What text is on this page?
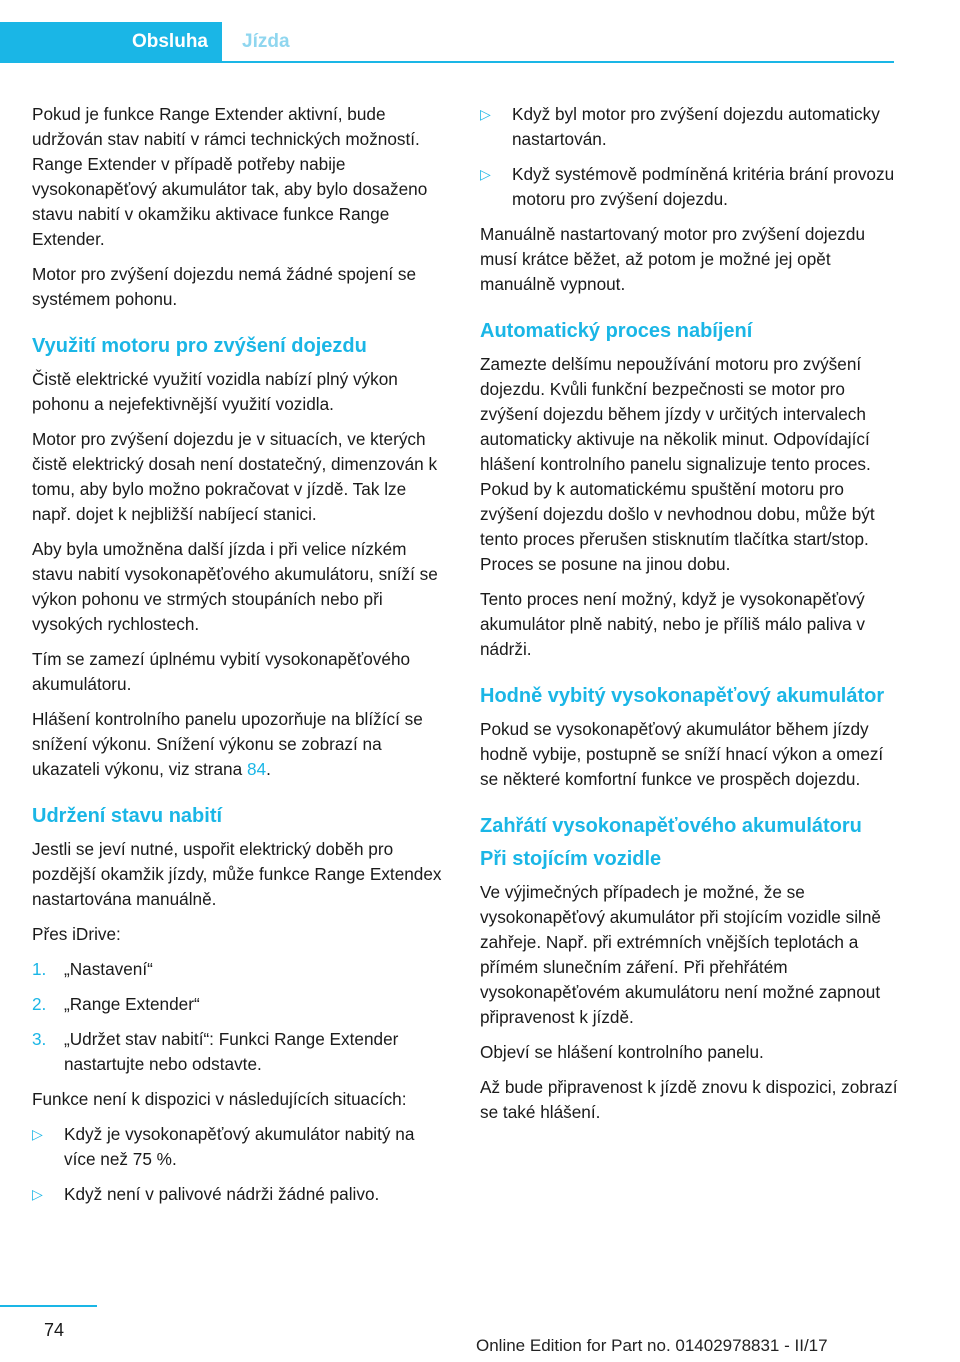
Obsluha	Jízda

Pokud je funkce Range Extender aktivní, bude udržován stav nabití v rámci technických možností. Range Extender v případě potřeby nabije vysokonapěťový akumulátor tak, aby bylo dosaženo stavu nabití v okamžiku aktivace funkce Range Extender.

Motor pro zvýšení dojezdu nemá žádné spojení se systémem pohonu.

Využití motoru pro zvýšení dojezdu

Čistě elektrické využití vozidla nabízí plný výkon pohonu a nejefektivnější využití vozidla.

Motor pro zvýšení dojezdu je v situacích, ve kterých čistě elektrický dosah není dostatečný, dimenzován k tomu, aby bylo možno pokračovat v jízdě. Tak lze např. dojet k nejbližší nabíjecí stanici.

Aby byla umožněna další jízda i při velice nízkém stavu nabití vysokonapěťového akumulátoru, sníží se výkon pohonu ve strmých stoupáních nebo při vysokých rychlostech.

Tím se zamezí úplnému vybití vysokonapěťového akumulátoru.

Hlášení kontrolního panelu upozorňuje na blížící se snížení výkonu. Snížení výkonu se zobrazí na ukazateli výkonu, viz strana 84.

Udržení stavu nabití

Jestli se jeví nutné, uspořit elektrický doběh pro pozdější okamžik jízdy, může funkce Range Extendex nastartována manuálně.

Přes iDrive:

1. „Nastavení“
2. „Range Extender“
3. „Udržet stav nabití“: Funkci Range Extender nastartujte nebo odstavte.

Funkce není k dispozici v následujících situacích:

▷ Když je vysokonapěťový akumulátor nabitý na více než 75 %.
▷ Když není v palivové nádrži žádné palivo.
▷ Když byl motor pro zvýšení dojezdu automaticky nastartován.
▷ Když systémově podmíněná kritéria brání provozu motoru pro zvýšení dojezdu.

Manuálně nastartovaný motor pro zvýšení dojezdu musí krátce běžet, až potom je možné jej opět manuálně vypnout.

Automatický proces nabíjení

Zamezte delšímu nepoužívání motoru pro zvýšení dojezdu. Kvůli funkční bezpečnosti se motor pro zvýšení dojezdu během jízdy v určitých intervalech automaticky aktivuje na několik minut. Odpovídající hlášení kontrolního panelu signalizuje tento proces. Pokud by k automatickému spuštění motoru pro zvýšení dojezdu došlo v nevhodnou dobu, může být tento proces přerušen stisknutím tlačítka start/stop. Proces se posune na jinou dobu.

Tento proces není možný, když je vysokonapěťový akumulátor plně nabitý, nebo je příliš málo paliva v nádrži.

Hodně vybitý vysokonapěťový akumulátor

Pokud se vysokonapěťový akumulátor během jízdy hodně vybije, postupně se sníží hnací výkon a omezí se některé komfortní funkce ve prospěch dojezdu.

Zahřátí vysokonapěťového akumulátoru
Při stojícím vozidle

Ve výjimečných případech je možné, že se vysokonapěťový akumulátor při stojícím vozidle silně zahřeje. Např. při extrémních vnějších teplotách a přímém slunečním záření. Při přehřátém vysokonapěťovém akumulátoru není možné zapnout připravenost k jízdě.

Objeví se hlášení kontrolního panelu.

Až bude připravenost k jízdě znovu k dispozici, zobrazí se také hlášení.

74
Online Edition for Part no. 01402978831 - II/17
